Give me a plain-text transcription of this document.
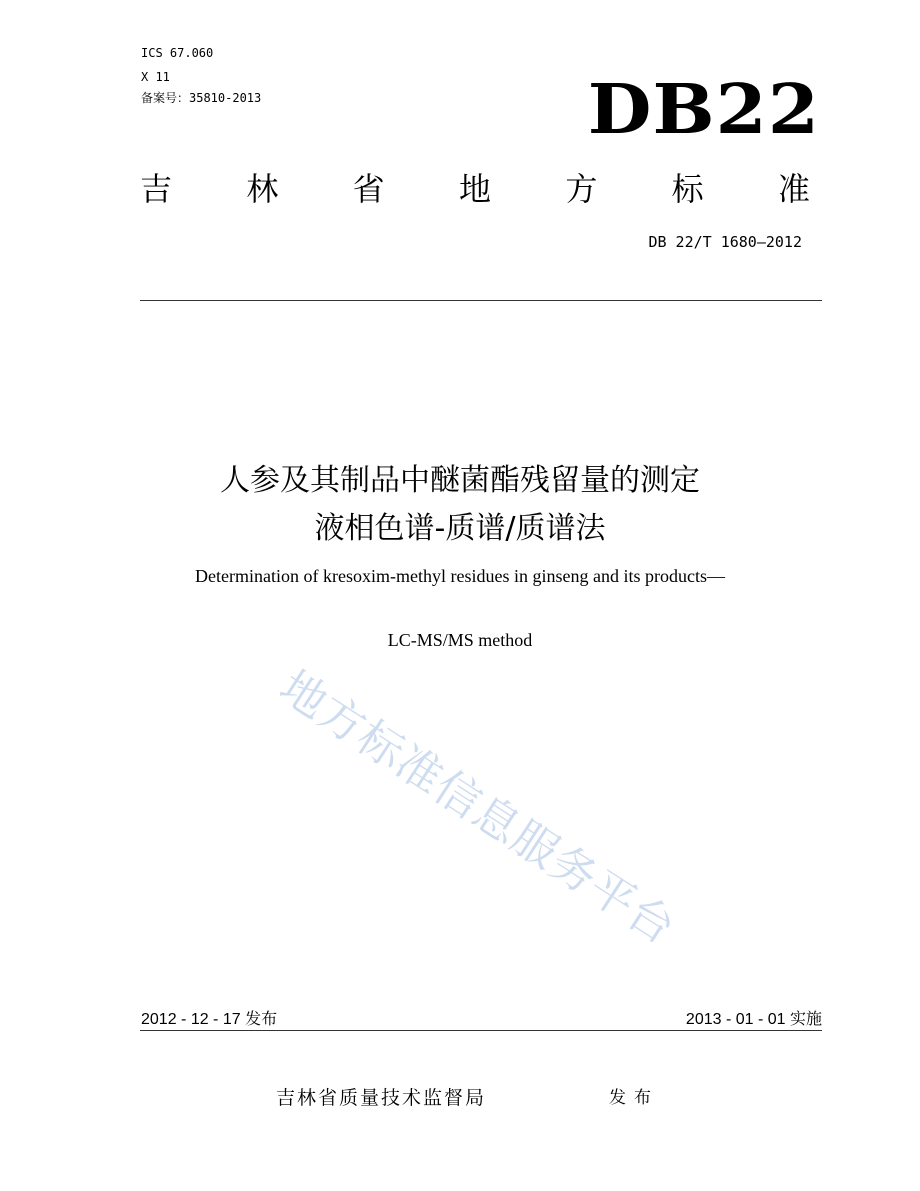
ICS 67.060
X 11
备案号：35810-2013	DB22
吉 林 省 地 方 标 准
DB 22/T 1680—2012
人参及其制品中醚菌酯残留量的测定
液相色谱-质谱/质谱法
Determination of kresoxim-methyl residues in ginseng and its products—
LC-MS/MS method
地方标准信息服务平台
2012 - 12 - 17 发布	2013 - 01 - 01 实施
吉林省质量技术监督局	发布
